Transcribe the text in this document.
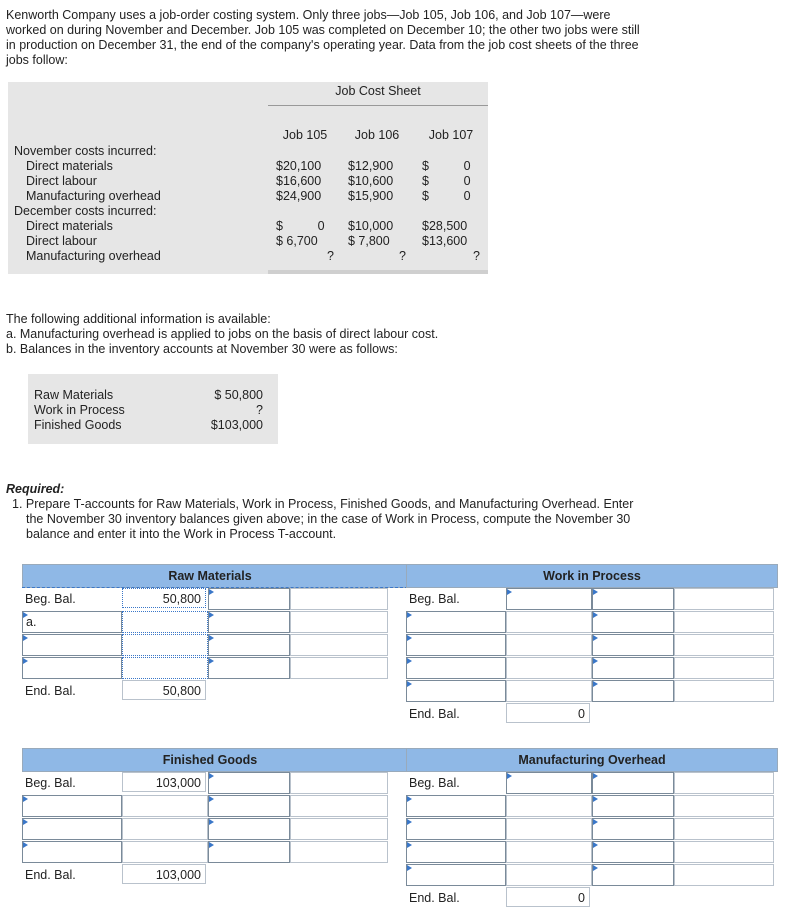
Kenworth Company uses a job-order costing system. Only three jobs—Job 105, Job 106, and Job 107—were worked on during November and December. Job 105 was completed on December 10; the other two jobs were still in production on December 31, the end of the company's operating year. Data from the job cost sheets of the three jobs follow:
Job Cost Sheet
Job 105	Job 106	Job 107
November costs incurred:
Direct materials	$20,100	$12,900	$          0
Direct labour	$16,600	$10,600	$          0
Manufacturing overhead	$24,900	$15,900	$          0
December costs incurred:
Direct materials	$          0	$10,000	$28,500
Direct labour	$ 6,700	$ 7,800	$13,600
Manufacturing overhead	?	?	?
The following additional information is available:
a. Manufacturing overhead is applied to jobs on the basis of direct labour cost.
b. Balances in the inventory accounts at November 30 were as follows:
Raw Materials	$ 50,800
Work in Process	?
Finished Goods	$103,000
Required:
1. Prepare T-accounts for Raw Materials, Work in Process, Finished Goods, and Manufacturing Overhead. Enter the November 30 inventory balances given above; in the case of Work in Process, compute the November 30 balance and enter it into the Work in Process T-account.
Raw Materials
Beg. Bal.	50,800
a.
End. Bal.	50,800
Work in Process
Beg. Bal.
End. Bal.	0
Finished Goods
Beg. Bal.	103,000
End. Bal.	103,000
Manufacturing Overhead
Beg. Bal.
End. Bal.	0
